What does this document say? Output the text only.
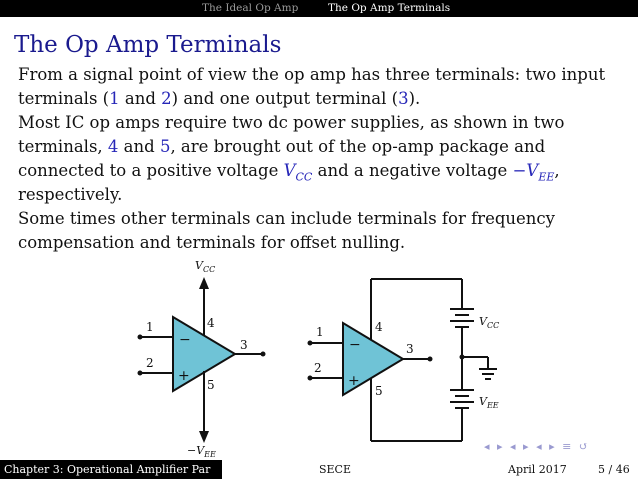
The Ideal Op Amp	The Op Amp Terminals
The Op Amp Terminals
From a signal point of view the op amp has three terminals: two input
terminals (1 and 2) and one output terminal (3).
Most IC op amps require two dc power supplies, as shown in two
terminals, 4 and 5, are brought out of the op-amp package and
connected to a positive voltage $V_{CC}$ and a negative voltage $-V_{EE}$,
respectively.
Some times other terminals can include terminals for frequency
compensation and terminals for offset nulling.
$V_{CC}$
1
2
3
4
5
−
+
$-V_{EE}$
1
2
3
4
5
−
+
$V_{CC}$
$V_{EE}$
◂ ▸ ◂ ▸ ◂ ▸ ≡ ↺
Chapter 3: Operational Amplifier Par	SECE	April 2017	5 / 46
